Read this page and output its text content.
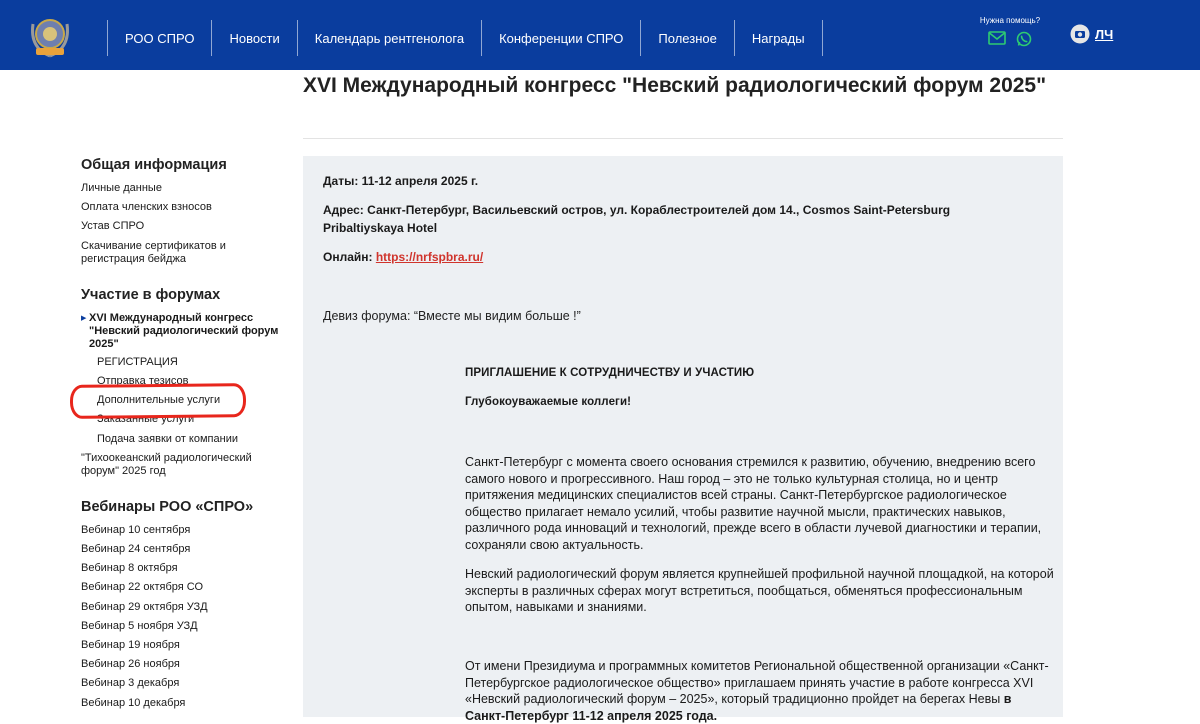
РОО СПРО	Новости	Календарь рентгенолога	Конференции СПРО	Полезное	Награды
Нужна помощь?
ЛЧ
XVI Международный конгресс "Невский радиологический форум 2025"
Общая информация
Личные данные
Оплата членских взносов
Устав СПРО
Скачивание сертификатов и регистрация бейджа
Участие в форумах
▶ XVI Международный конгресс "Невский радиологический форум 2025"
РЕГИСТРАЦИЯ
Отправка тезисов
Дополнительные услуги
Заказанные услуги
Подача заявки от компании
"Тихоокеанский радиологический форум" 2025 год
Вебинары РОО «СПРО»
Вебинар 10 сентября
Вебинар 24 сентября
Вебинар 8 октября
Вебинар 22 октября СО
Вебинар 29 октября УЗД
Вебинар 5 ноября УЗД
Вебинар 19 ноября
Вебинар 26 ноября
Вебинар 3 декабря
Вебинар 10 декабря
Даты: 11-12 апреля 2025 г.
Адрес: Санкт-Петербург, Васильевский остров, ул. Кораблестроителей дом 14., Cosmos Saint-Petersburg Pribaltiyskaya Hotel
Онлайн: https://nrfspbra.ru/
Девиз форума: “Вместе мы видим больше !”
ПРИГЛАШЕНИЕ К СОТРУДНИЧЕСТВУ И УЧАСТИЮ
Глубокоуважаемые коллеги!

Санкт-Петербург с момента своего основания стремился к развитию, обучению, внедрению всего самого нового и прогрессивного. Наш город – это не только культурная столица, но и центр притяжения медицинских специалистов всей страны. Санкт-Петербургское радиологическое общество прилагает немало усилий, чтобы развитие научной мысли, практических навыков, различного рода инноваций и технологий, прежде всего в области лучевой диагностики и терапии, сохраняли свою актуальность.

Невский радиологический форум является крупнейшей профильной научной площадкой, на которой эксперты в различных сферах могут встретиться, пообщаться, обменяться профессиональным опытом, навыками и знаниями.

От имени Президиума и программных комитетов Региональной общественной организации «Санкт-Петербургское радиологическое общество» приглашаем принять участие в работе конгресса XVI «Невский радиологический форум – 2025», который традиционно пройдет на берегах Невы в Санкт-Петербург 11-12 апреля 2025 года.
